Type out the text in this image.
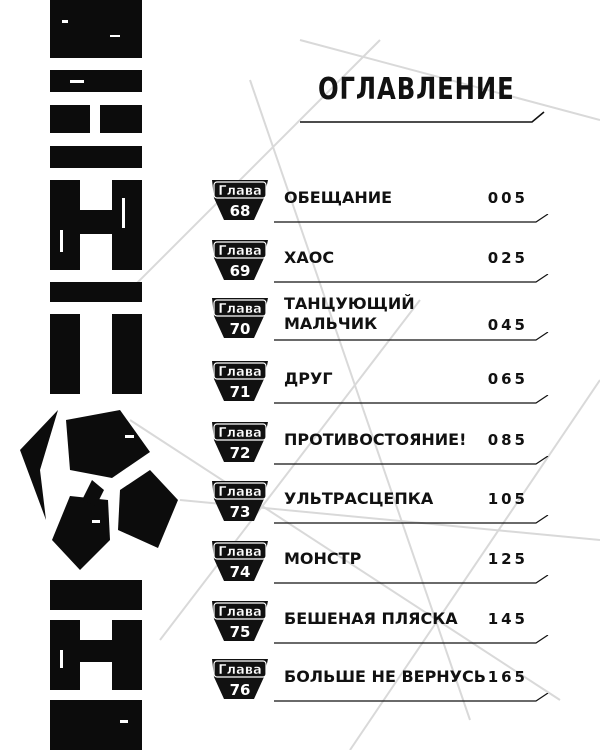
ОГЛАВЛЕНИЕ
Глава
68
ОБЕЩАНИЕ	005
Глава
69
ХАОС	025
Глава
70
ТАНЦУЮЩИЙ МАЛЬЧИК	045
Глава
71
ДРУГ	065
Глава
72
ПРОТИВОСТОЯНИЕ! 085
Глава
73
УЛЬТРАСЦЕПКА	105
Глава
74
МОНСТР	125
Глава
75
БЕШЕНАЯ ПЛЯСКА 145
Глава
76
БОЛЬШЕ НЕ ВЕРНУСЬ 165
